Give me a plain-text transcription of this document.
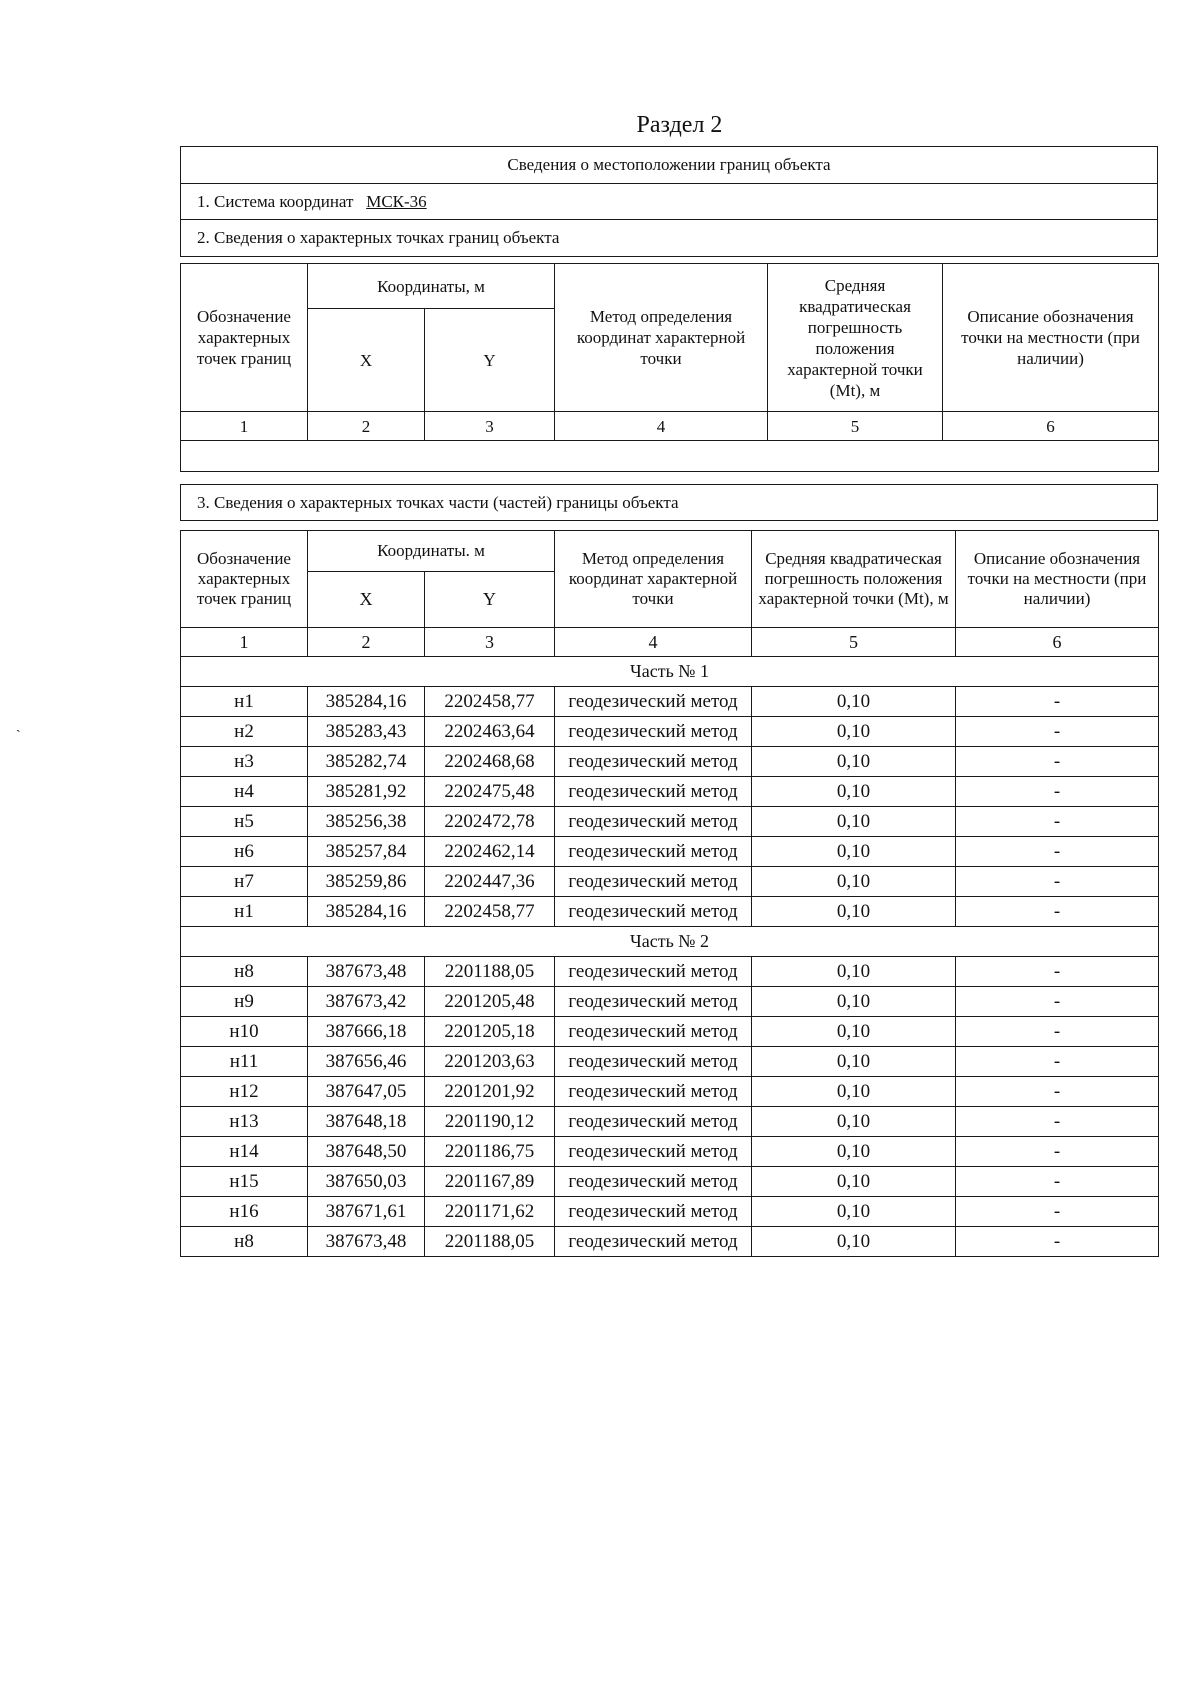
Раздел 2
Сведения о местоположении границ объекта
1. Система координат МСК-36
2. Сведения о характерных точках границ объекта
Обозначение характерных точек границ	Координаты, м		Метод определения координат характерной точки	Средняя квадратическая погрешность положения характерной точки (Mt), м	Описание обозначения точки на местности (при наличии)
	X	Y			
1	2	3	4	5	6

3. Сведения о характерных точках части (частей) границы объекта
Обозначение характерных точек границ	Координаты. м		Метод определения координат характерной точки	Средняя квадратическая погрешность положения характерной точки (Mt), м	Описание обозначения точки на местности (при наличии)
	X	Y			
1	2	3	4	5	6
Часть № 1					
н1	385284,16	2202458,77	геодезический метод	0,10	-
н2	385283,43	2202463,64	геодезический метод	0,10	-
н3	385282,74	2202468,68	геодезический метод	0,10	-
н4	385281,92	2202475,48	геодезический метод	0,10	-
н5	385256,38	2202472,78	геодезический метод	0,10	-
н6	385257,84	2202462,14	геодезический метод	0,10	-
н7	385259,86	2202447,36	геодезический метод	0,10	-
н1	385284,16	2202458,77	геодезический метод	0,10	-
Часть № 2					
н8	387673,48	2201188,05	геодезический метод	0,10	-
н9	387673,42	2201205,48	геодезический метод	0,10	-
н10	387666,18	2201205,18	геодезический метод	0,10	-
н11	387656,46	2201203,63	геодезический метод	0,10	-
н12	387647,05	2201201,92	геодезический метод	0,10	-
н13	387648,18	2201190,12	геодезический метод	0,10	-
н14	387648,50	2201186,75	геодезический метод	0,10	-
н15	387650,03	2201167,89	геодезический метод	0,10	-
н16	387671,61	2201171,62	геодезический метод	0,10	-
н8	387673,48	2201188,05	геодезический метод	0,10	-
ˏ
